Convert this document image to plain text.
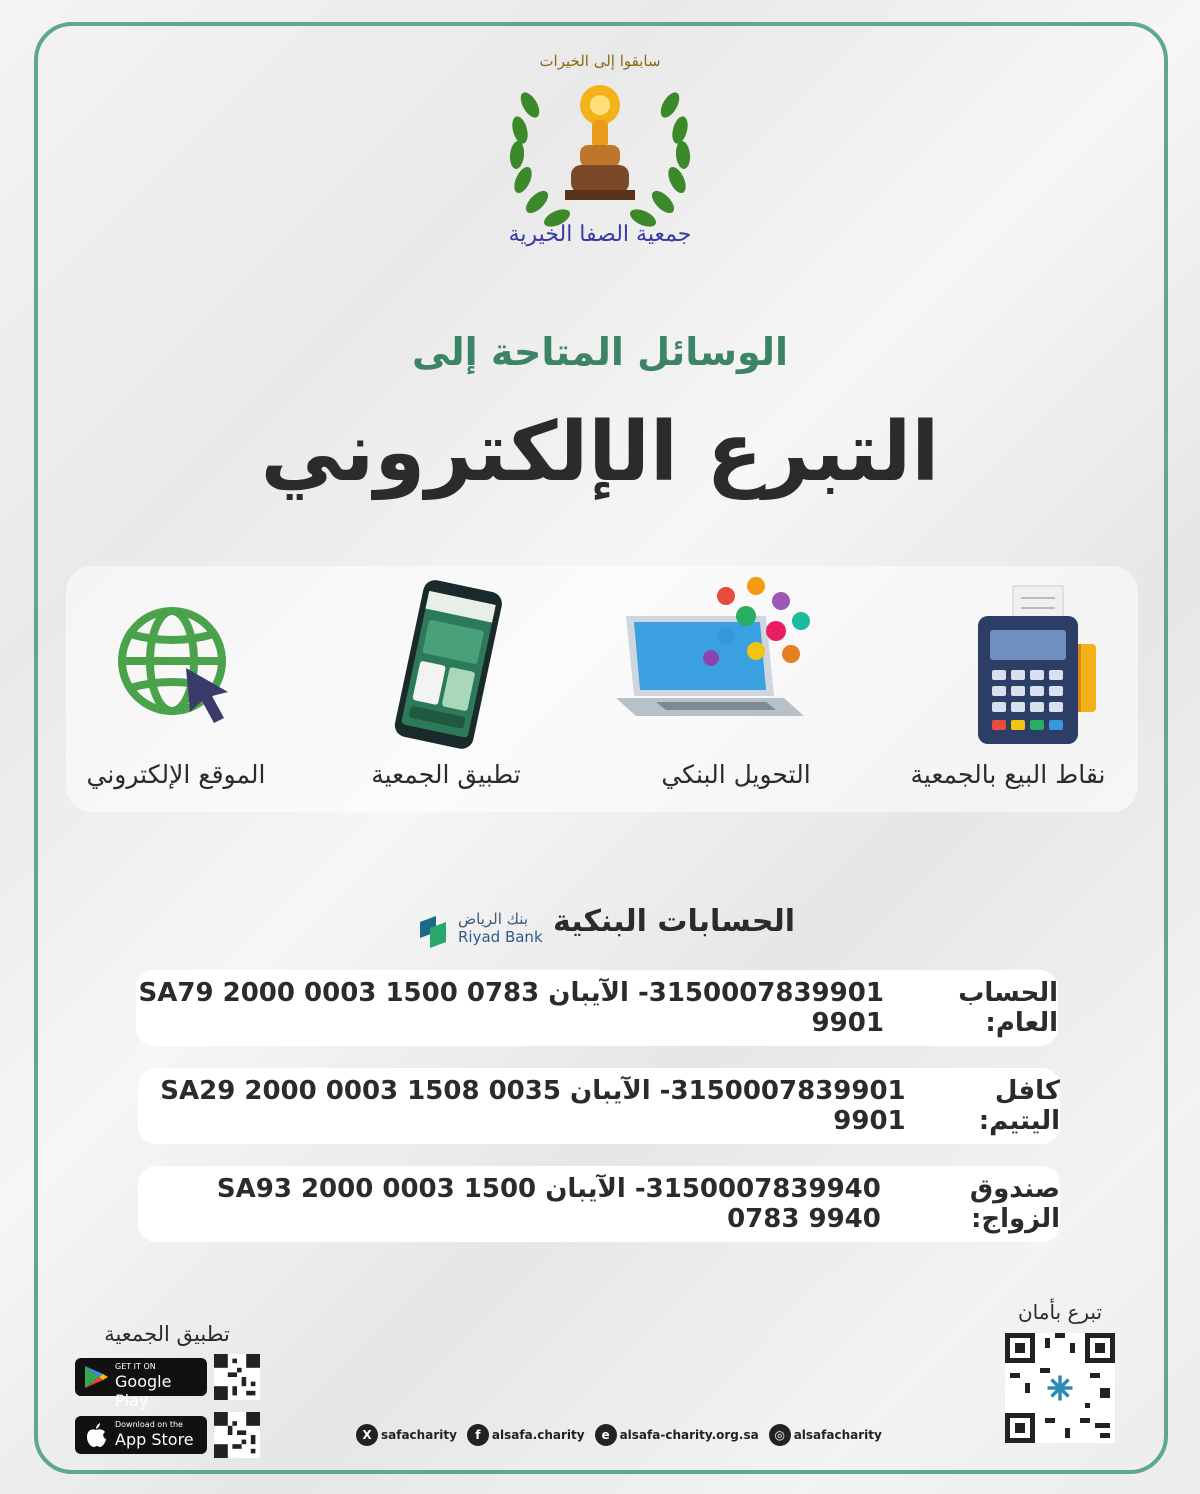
سابقوا إلى الخيرات
جمعية الصفا الخيرية
الوسائل المتاحة إلى
التبرع الإلكتروني
نقاط البيع بالجمعية
التحويل البنكي
تطبيق الجمعية
الموقع الإلكتروني
الحسابات البنكية
بنك الرياض
Riyad Bank
الحساب العام:
3150007839901- الآيبان SA79 2000 0003 1500 0783 9901
كافل اليتيم:
3150007839901- الآيبان SA29 2000 0003 1508 0035 9901
صندوق الزواج:
3150007839940- الآيبان SA93 2000 0003 1500 0783 9940
تطبيق الجمعية
GET IT ON
Google Play
Download on the
App Store	X safacharity	f alsafa.charity	e alsafa-charity.org.sa	◎ alsafacharity
تبرع بأمان
